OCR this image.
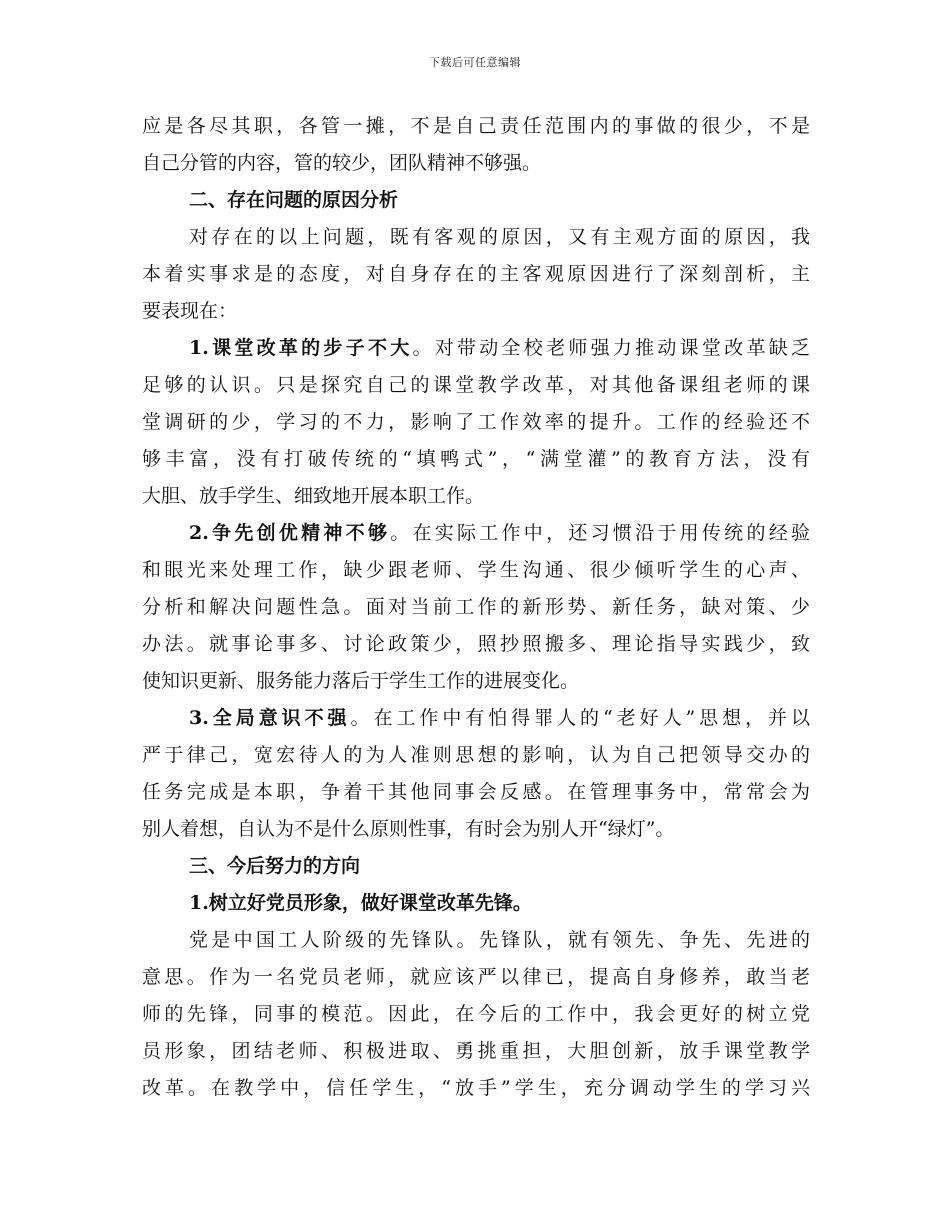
下载后可任意编辑
应是各尽其职，各管一摊，不是自己责任范围内的事做的很少，不是
自己分管的内容，管的较少，团队精神不够强。
二、存在问题的原因分析
对存在的以上问题，既有客观的原因，又有主观方面的原因，我
本着实事求是的态度，对自身存在的主客观原因进行了深刻剖析，主
要表现在：
1.课堂改革的步子不大。对带动全校老师强力推动课堂改革缺乏
足够的认识。只是探究自己的课堂教学改革，对其他备课组老师的课
堂调研的少，学习的不力，影响了工作效率的提升。工作的经验还不
够丰富，没有打破传统的“填鸭式”，“满堂灌”的教育方法，没有
大胆、放手学生、细致地开展本职工作。
2.争先创优精神不够。在实际工作中，还习惯沿于用传统的经验
和眼光来处理工作，缺少跟老师、学生沟通、很少倾听学生的心声、
分析和解决问题性急。面对当前工作的新形势、新任务，缺对策、少
办法。就事论事多、讨论政策少，照抄照搬多、理论指导实践少，致
使知识更新、服务能力落后于学生工作的进展变化。
3.全局意识不强。在工作中有怕得罪人的“老好人”思想，并以
严于律己，宽宏待人的为人准则思想的影响，认为自己把领导交办的
任务完成是本职，争着干其他同事会反感。在管理事务中，常常会为
别人着想，自认为不是什么原则性事，有时会为别人开“绿灯”。
三、今后努力的方向
1.树立好党员形象，做好课堂改革先锋。
党是中国工人阶级的先锋队。先锋队，就有领先、争先、先进的
意思。作为一名党员老师，就应该严以律已，提高自身修养，敢当老
师的先锋，同事的模范。因此，在今后的工作中，我会更好的树立党
员形象，团结老师、积极进取、勇挑重担，大胆创新，放手课堂教学
改革。在教学中，信任学生，“放手”学生，充分调动学生的学习兴
